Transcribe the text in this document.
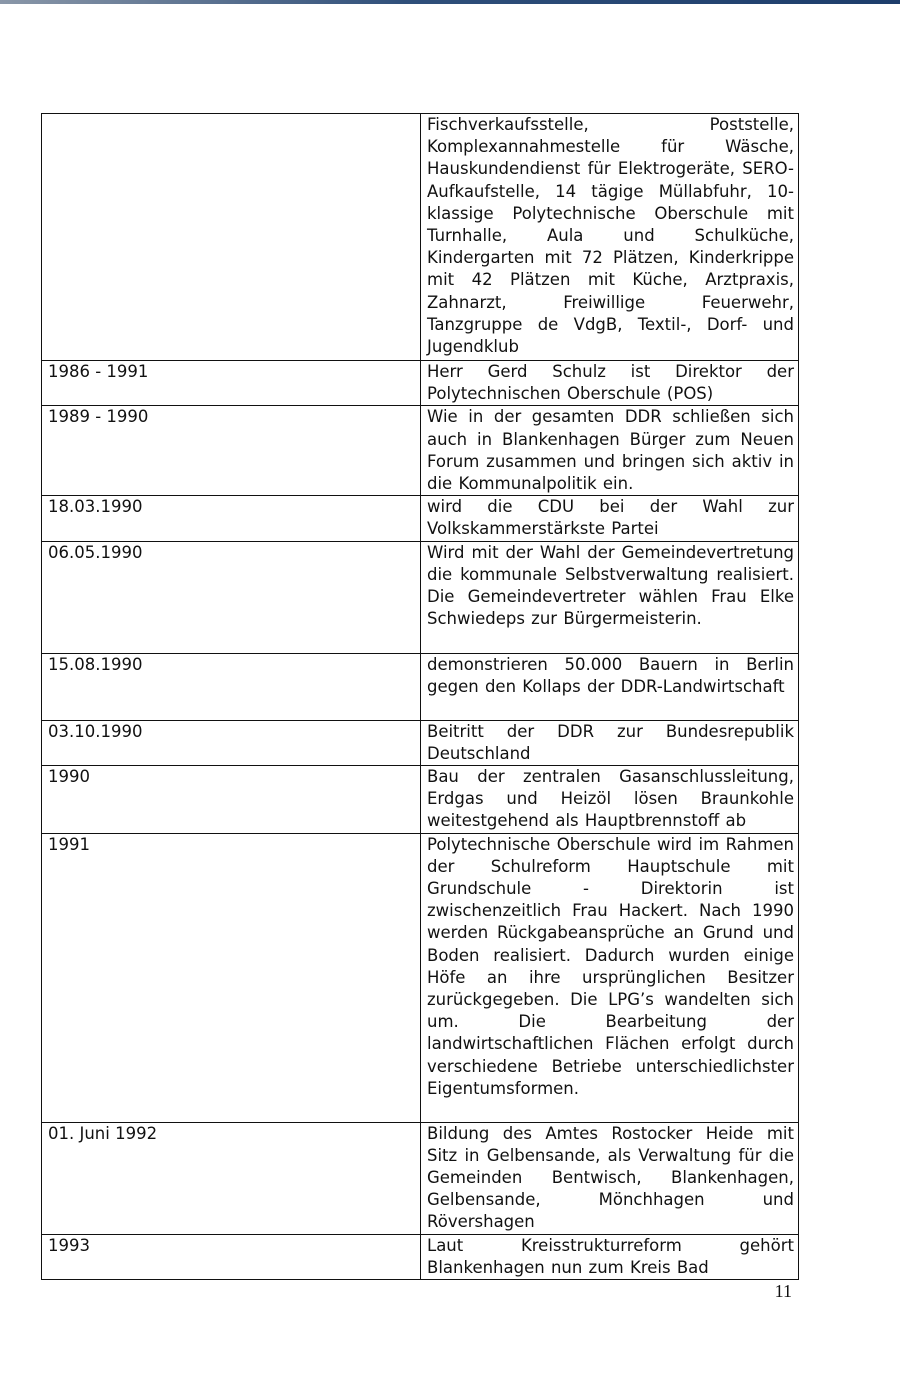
	Fischverkaufsstelle, Poststelle, Komplexannahmestelle für Wäsche, Hauskundendienst für Elektrogeräte, SERO- Aufkaufstelle, 14 tägige Müllabfuhr, 10- klassige Polytechnische Oberschule mit Turnhalle, Aula und Schulküche, Kindergarten mit 72 Plätzen, Kinderkrippe mit 42 Plätzen mit Küche, Arztpraxis, Zahnarzt, Freiwillige Feuerwehr, Tanzgruppe de VdgB, Textil-, Dorf- und Jugendklub
1986 - 1991	Herr Gerd Schulz ist Direktor der Polytechnischen Oberschule (POS)
1989 - 1990	Wie in der gesamten DDR schließen sich auch in Blankenhagen Bürger zum Neuen Forum zusammen und bringen sich aktiv in die Kommunalpolitik ein.
18.03.1990	wird die CDU bei der Wahl zur Volkskammerstärkste Partei
06.05.1990	Wird mit der Wahl der Gemeindevertretung die kommunale Selbstverwaltung realisiert. Die Gemeindevertreter wählen Frau Elke Schwiedeps zur Bürgermeisterin.
15.08.1990	demonstrieren 50.000 Bauern in Berlin gegen den Kollaps der DDR-Landwirtschaft
03.10.1990	Beitritt der DDR zur Bundesrepublik Deutschland
1990	Bau der zentralen Gasanschlussleitung, Erdgas und Heizöl lösen Braunkohle weitestgehend als Hauptbrennstoff ab
1991	Polytechnische Oberschule wird im Rahmen der Schulreform Hauptschule mit Grundschule - Direktorin ist zwischenzeitlich Frau Hackert. Nach 1990 werden Rückgabeansprüche an Grund und Boden realisiert. Dadurch wurden einige Höfe an ihre ursprünglichen Besitzer zurückgegeben. Die LPG’s wandelten sich um. Die Bearbeitung der landwirtschaftlichen Flächen erfolgt durch verschiedene Betriebe unterschiedlichster Eigentumsformen.
01. Juni 1992	Bildung des Amtes Rostocker Heide mit Sitz in Gelbensande, als Verwaltung für die Gemeinden Bentwisch, Blankenhagen, Gelbensande, Mönchhagen und Rövershagen
1993	Laut Kreisstrukturreform gehört Blankenhagen nun zum Kreis Bad
11
